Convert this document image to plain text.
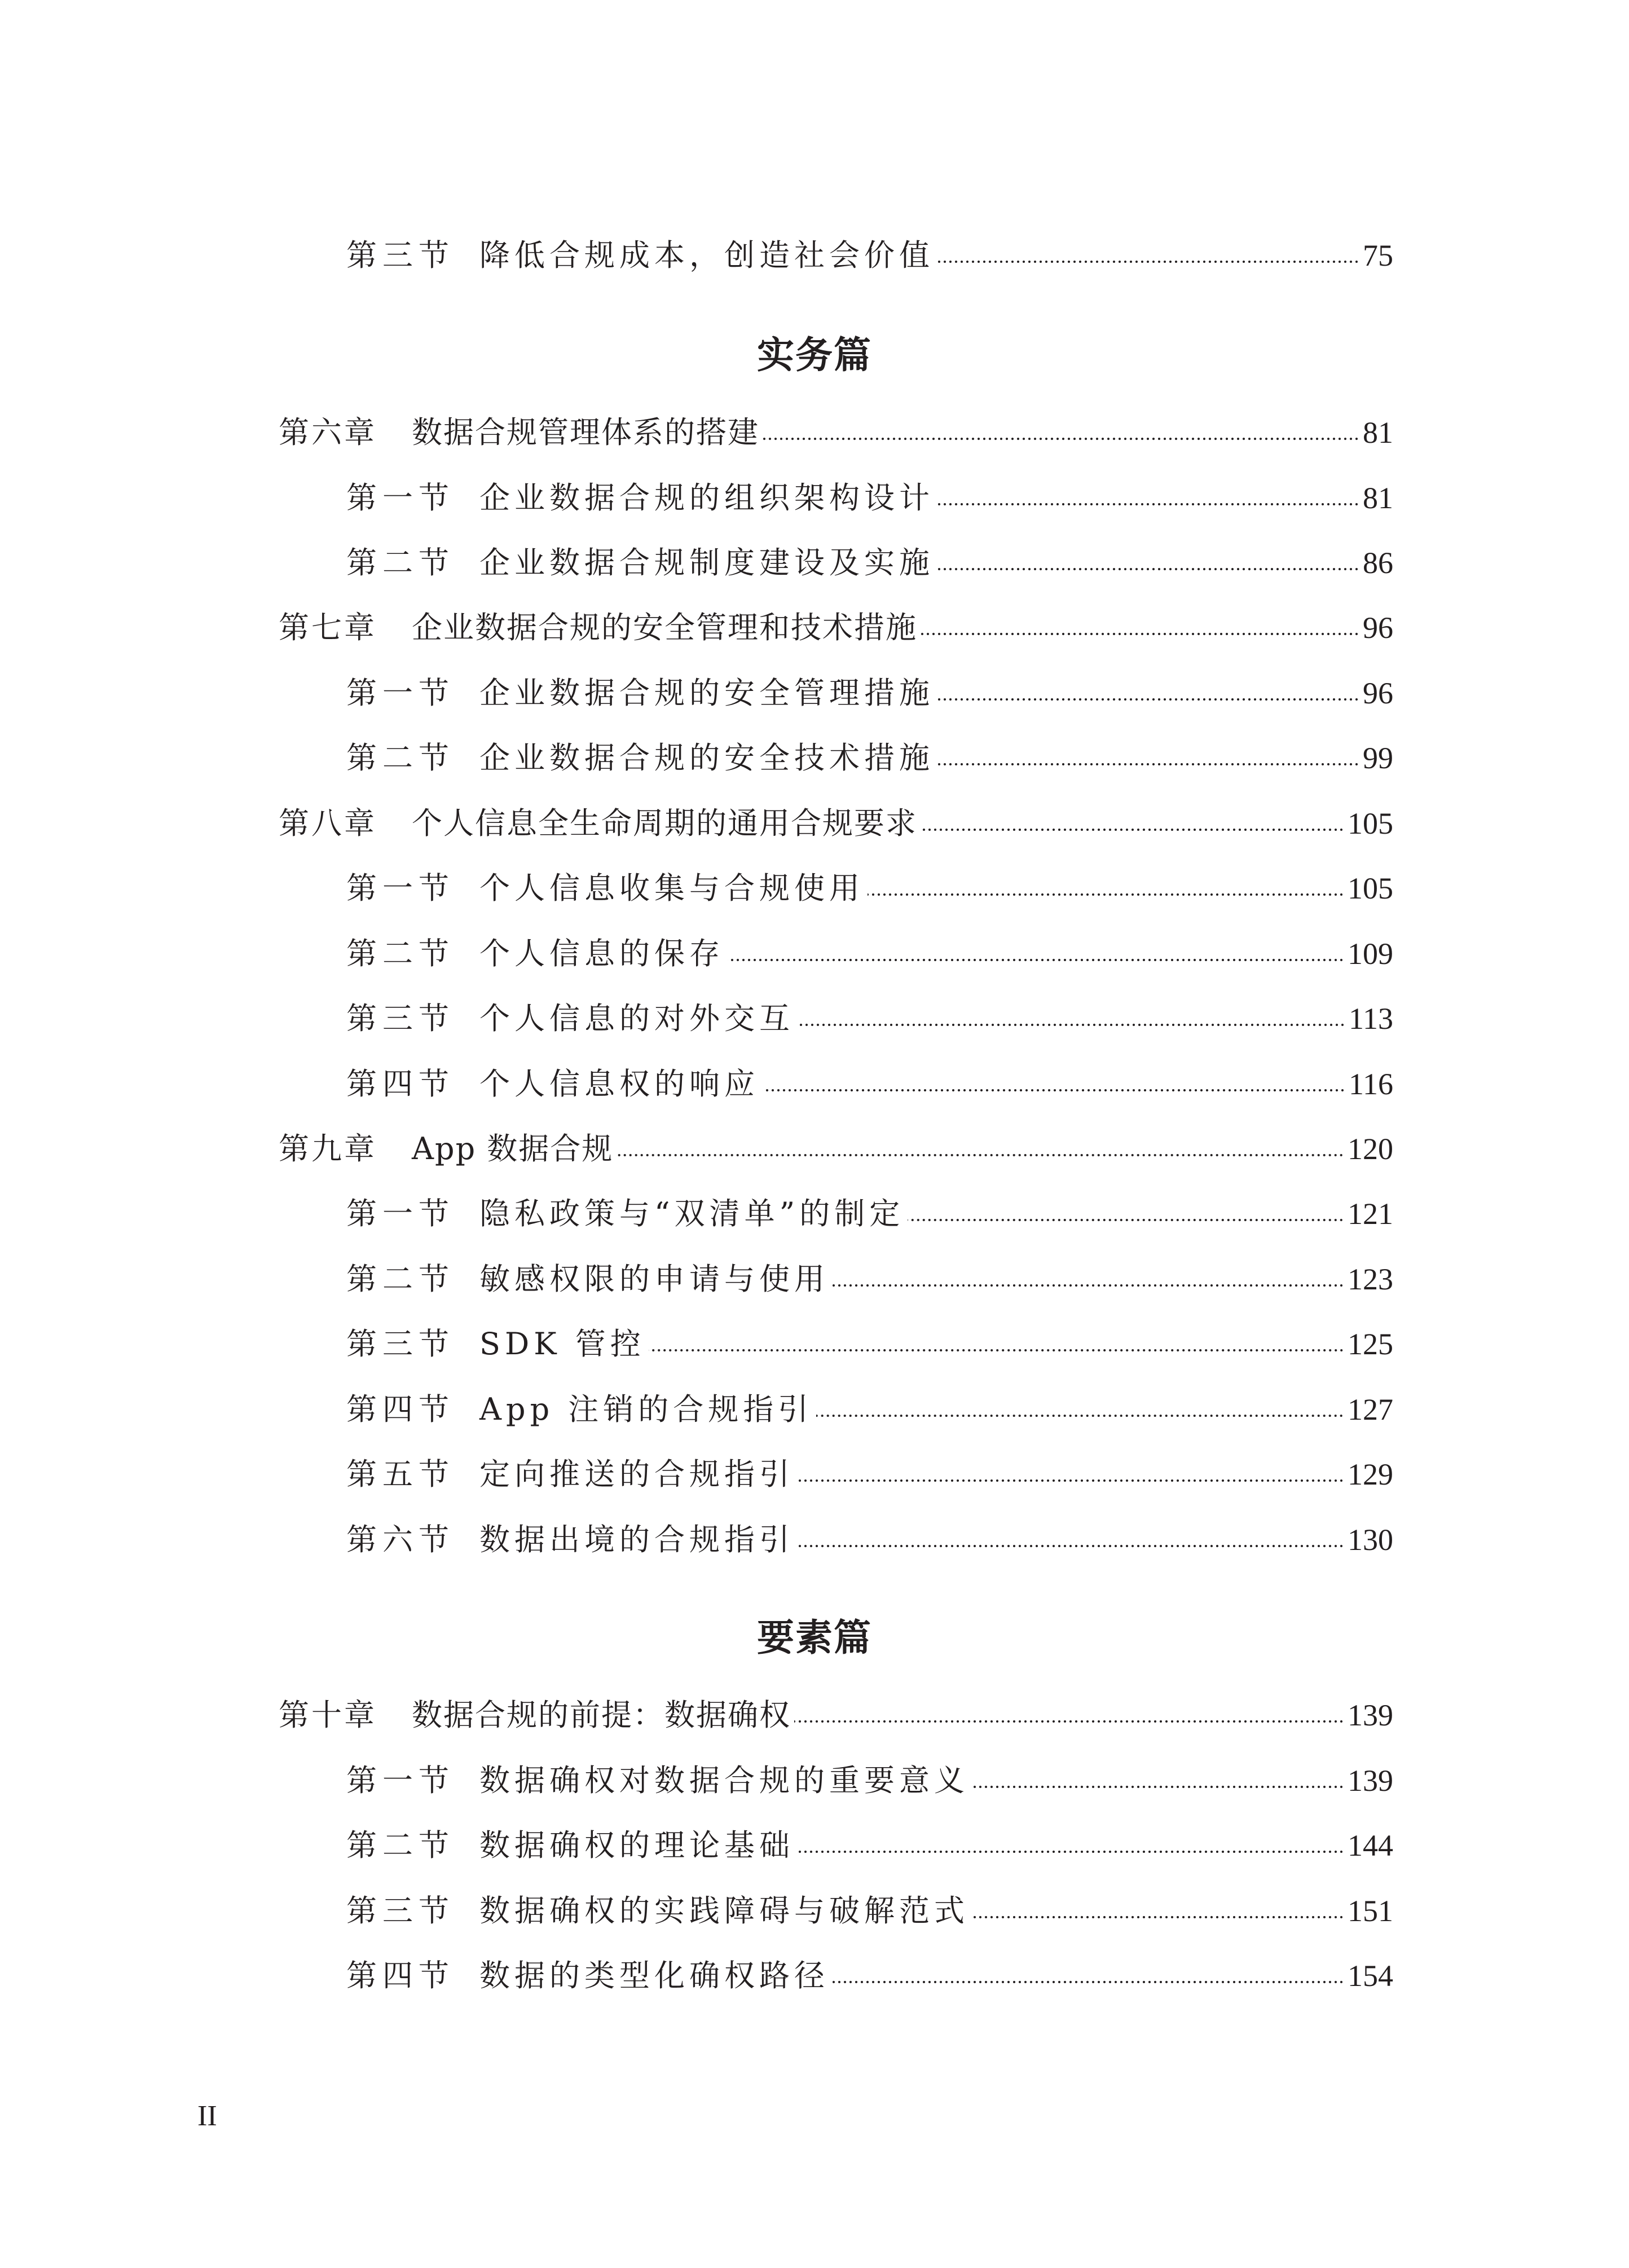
第三节 降低合规成本，创造社会价值	75
实务篇
第六章	数据合规管理体系的搭建	81
第一节 企业数据合规的组织架构设计	81
第二节 企业数据合规制度建设及实施	86
第七章	企业数据合规的安全管理和技术措施	96
第一节 企业数据合规的安全管理措施	96
第二节 企业数据合规的安全技术措施	99
第八章	个人信息全生命周期的通用合规要求	105
第一节 个人信息收集与合规使用	105
第二节 个人信息的保存	109
第三节 个人信息的对外交互	113
第四节 个人信息权的响应	116
第九章	App 数据合规	120
第一节 隐私政策与“双清单”的制定	121
第二节 敏感权限的申请与使用	123
第三节 SDK 管控	125
第四节 App 注销的合规指引	127
第五节 定向推送的合规指引	129
第六节 数据出境的合规指引	130
要素篇
第十章	数据合规的前提：数据确权	139
第一节 数据确权对数据合规的重要意义	139
第二节 数据确权的理论基础	144
第三节 数据确权的实践障碍与破解范式	151
第四节 数据的类型化确权路径	154
II
